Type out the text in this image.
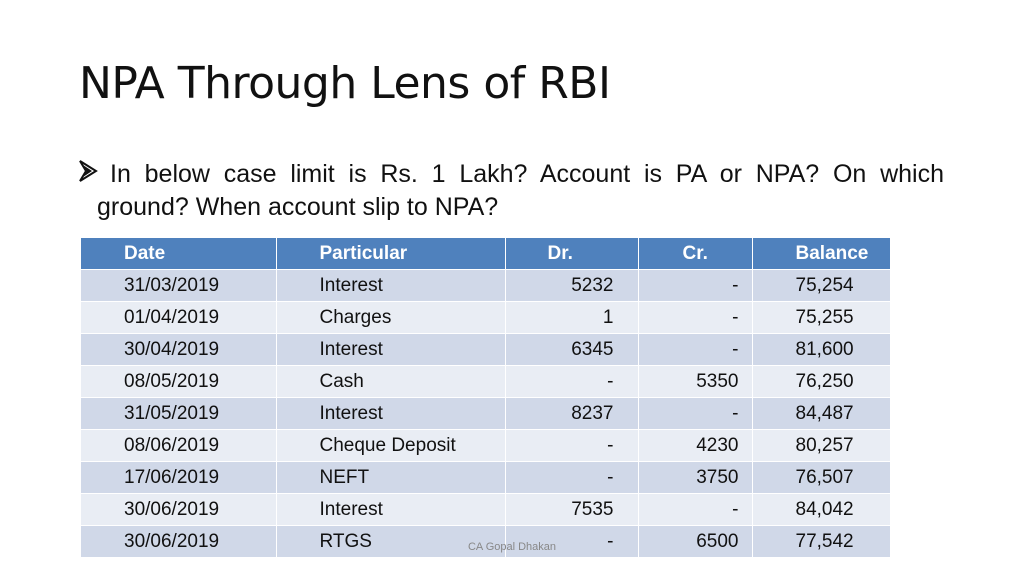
NPA Through Lens of RBI
In below case limit is Rs. 1 Lakh? Account is PA or NPA? On which
ground? When account slip to NPA?
Date	Particular	Dr.	Cr.	Balance
31/03/2019	Interest	5232	-	75,254
01/04/2019	Charges	1	-	75,255
30/04/2019	Interest	6345	-	81,600
08/05/2019	Cash	-	5350	76,250
31/05/2019	Interest	8237	-	84,487
08/06/2019	Cheque Deposit	-	4230	80,257
17/06/2019	NEFT	-	3750	76,507
30/06/2019	Interest	7535	-	84,042
30/06/2019	RTGS	-	6500	77,542
CA Gopal Dhakan
